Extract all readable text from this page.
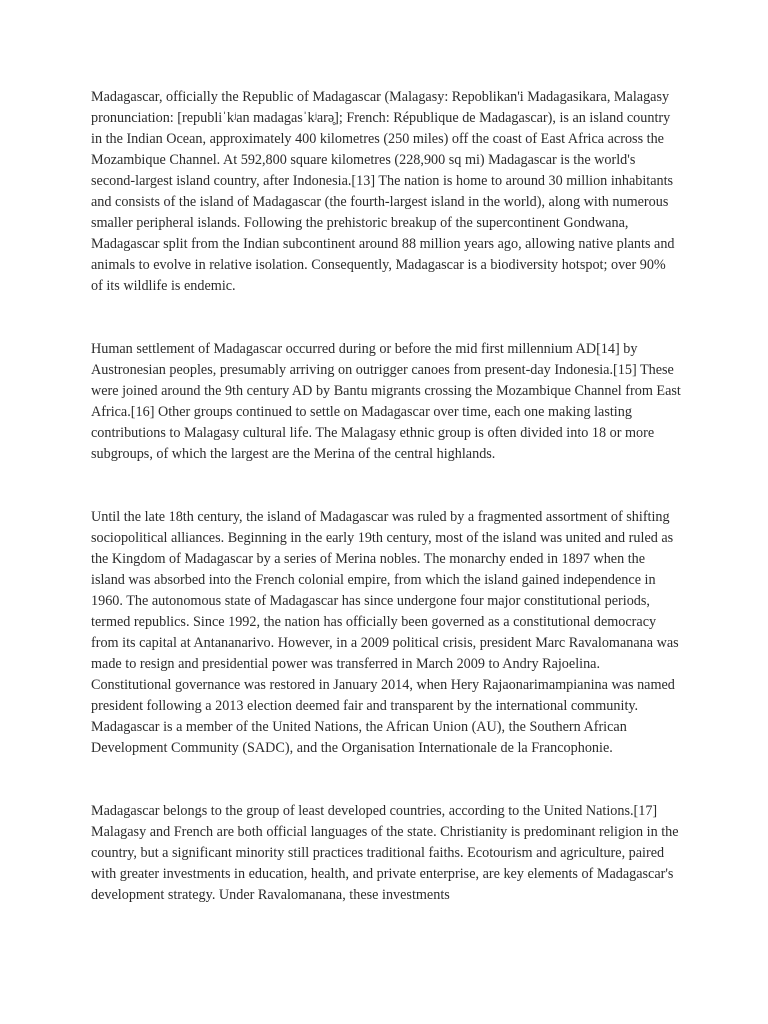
Madagascar, officially the Republic of Madagascar (Malagasy: Repoblikan'i Madagasikara, Malagasy pronunciation: [republiˈkʲan madagasˈkʲarə̥]; French: République de Madagascar), is an island country in the Indian Ocean, approximately 400 kilometres (250 miles) off the coast of East Africa across the Mozambique Channel. At 592,800 square kilometres (228,900 sq mi) Madagascar is the world's second-largest island country, after Indonesia.[13] The nation is home to around 30 million inhabitants and consists of the island of Madagascar (the fourth-largest island in the world), along with numerous smaller peripheral islands. Following the prehistoric breakup of the supercontinent Gondwana, Madagascar split from the Indian subcontinent around 88 million years ago, allowing native plants and animals to evolve in relative isolation. Consequently, Madagascar is a biodiversity hotspot; over 90% of its wildlife is endemic.

Human settlement of Madagascar occurred during or before the mid first millennium AD[14] by Austronesian peoples, presumably arriving on outrigger canoes from present-day Indonesia.[15] These were joined around the 9th century AD by Bantu migrants crossing the Mozambique Channel from East Africa.[16] Other groups continued to settle on Madagascar over time, each one making lasting contributions to Malagasy cultural life. The Malagasy ethnic group is often divided into 18 or more subgroups, of which the largest are the Merina of the central highlands.

Until the late 18th century, the island of Madagascar was ruled by a fragmented assortment of shifting sociopolitical alliances. Beginning in the early 19th century, most of the island was united and ruled as the Kingdom of Madagascar by a series of Merina nobles. The monarchy ended in 1897 when the island was absorbed into the French colonial empire, from which the island gained independence in 1960. The autonomous state of Madagascar has since undergone four major constitutional periods, termed republics. Since 1992, the nation has officially been governed as a constitutional democracy from its capital at Antananarivo. However, in a 2009 political crisis, president Marc Ravalomanana was made to resign and presidential power was transferred in March 2009 to Andry Rajoelina. Constitutional governance was restored in January 2014, when Hery Rajaonarimampianina was named president following a 2013 election deemed fair and transparent by the international community. Madagascar is a member of the United Nations, the African Union (AU), the Southern African Development Community (SADC), and the Organisation Internationale de la Francophonie.

Madagascar belongs to the group of least developed countries, according to the United Nations.[17] Malagasy and French are both official languages of the state. Christianity is predominant religion in the country, but a significant minority still practices traditional faiths. Ecotourism and agriculture, paired with greater investments in education, health, and private enterprise, are key elements of Madagascar's development strategy. Under Ravalomanana, these investments
